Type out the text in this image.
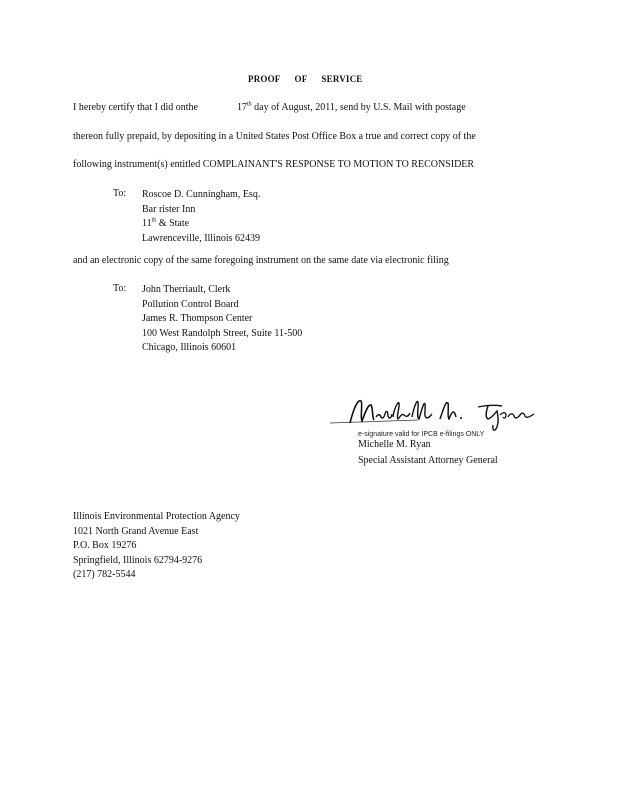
PROOF OF SERVICE
I hereby certify that I did onthe	17th day of August, 2011, send by U.S. Mail with postage
thereon fully prepaid, by depositing in a United States Post Office Box a true and correct copy of the
following instrument(s) entitled COMPLAINANT'S RESPONSE TO MOTION TO RECONSIDER
To: Roscoe D. Cunningham, Esq.
Bar rister Inn
11th & State
Lawrenceville, Illinois 62439
and an electronic copy of the same foregoing instrument on the same date via electronic filing
To: John Therriault, Clerk
Pollution Control Board
James R. Thompson Center
100 West Randolph Street, Suite 11-500
Chicago, Illinois 60601
e-signature valid for IPCB e-filings ONLY
Michelle M. Ryan
Special Assistant Attorney General
Illinois Environmental Protection Agency
1021 North Grand Avenue East
P.O. Box 19276
Springfield, Illinois 62794-9276
(217) 782-5544
